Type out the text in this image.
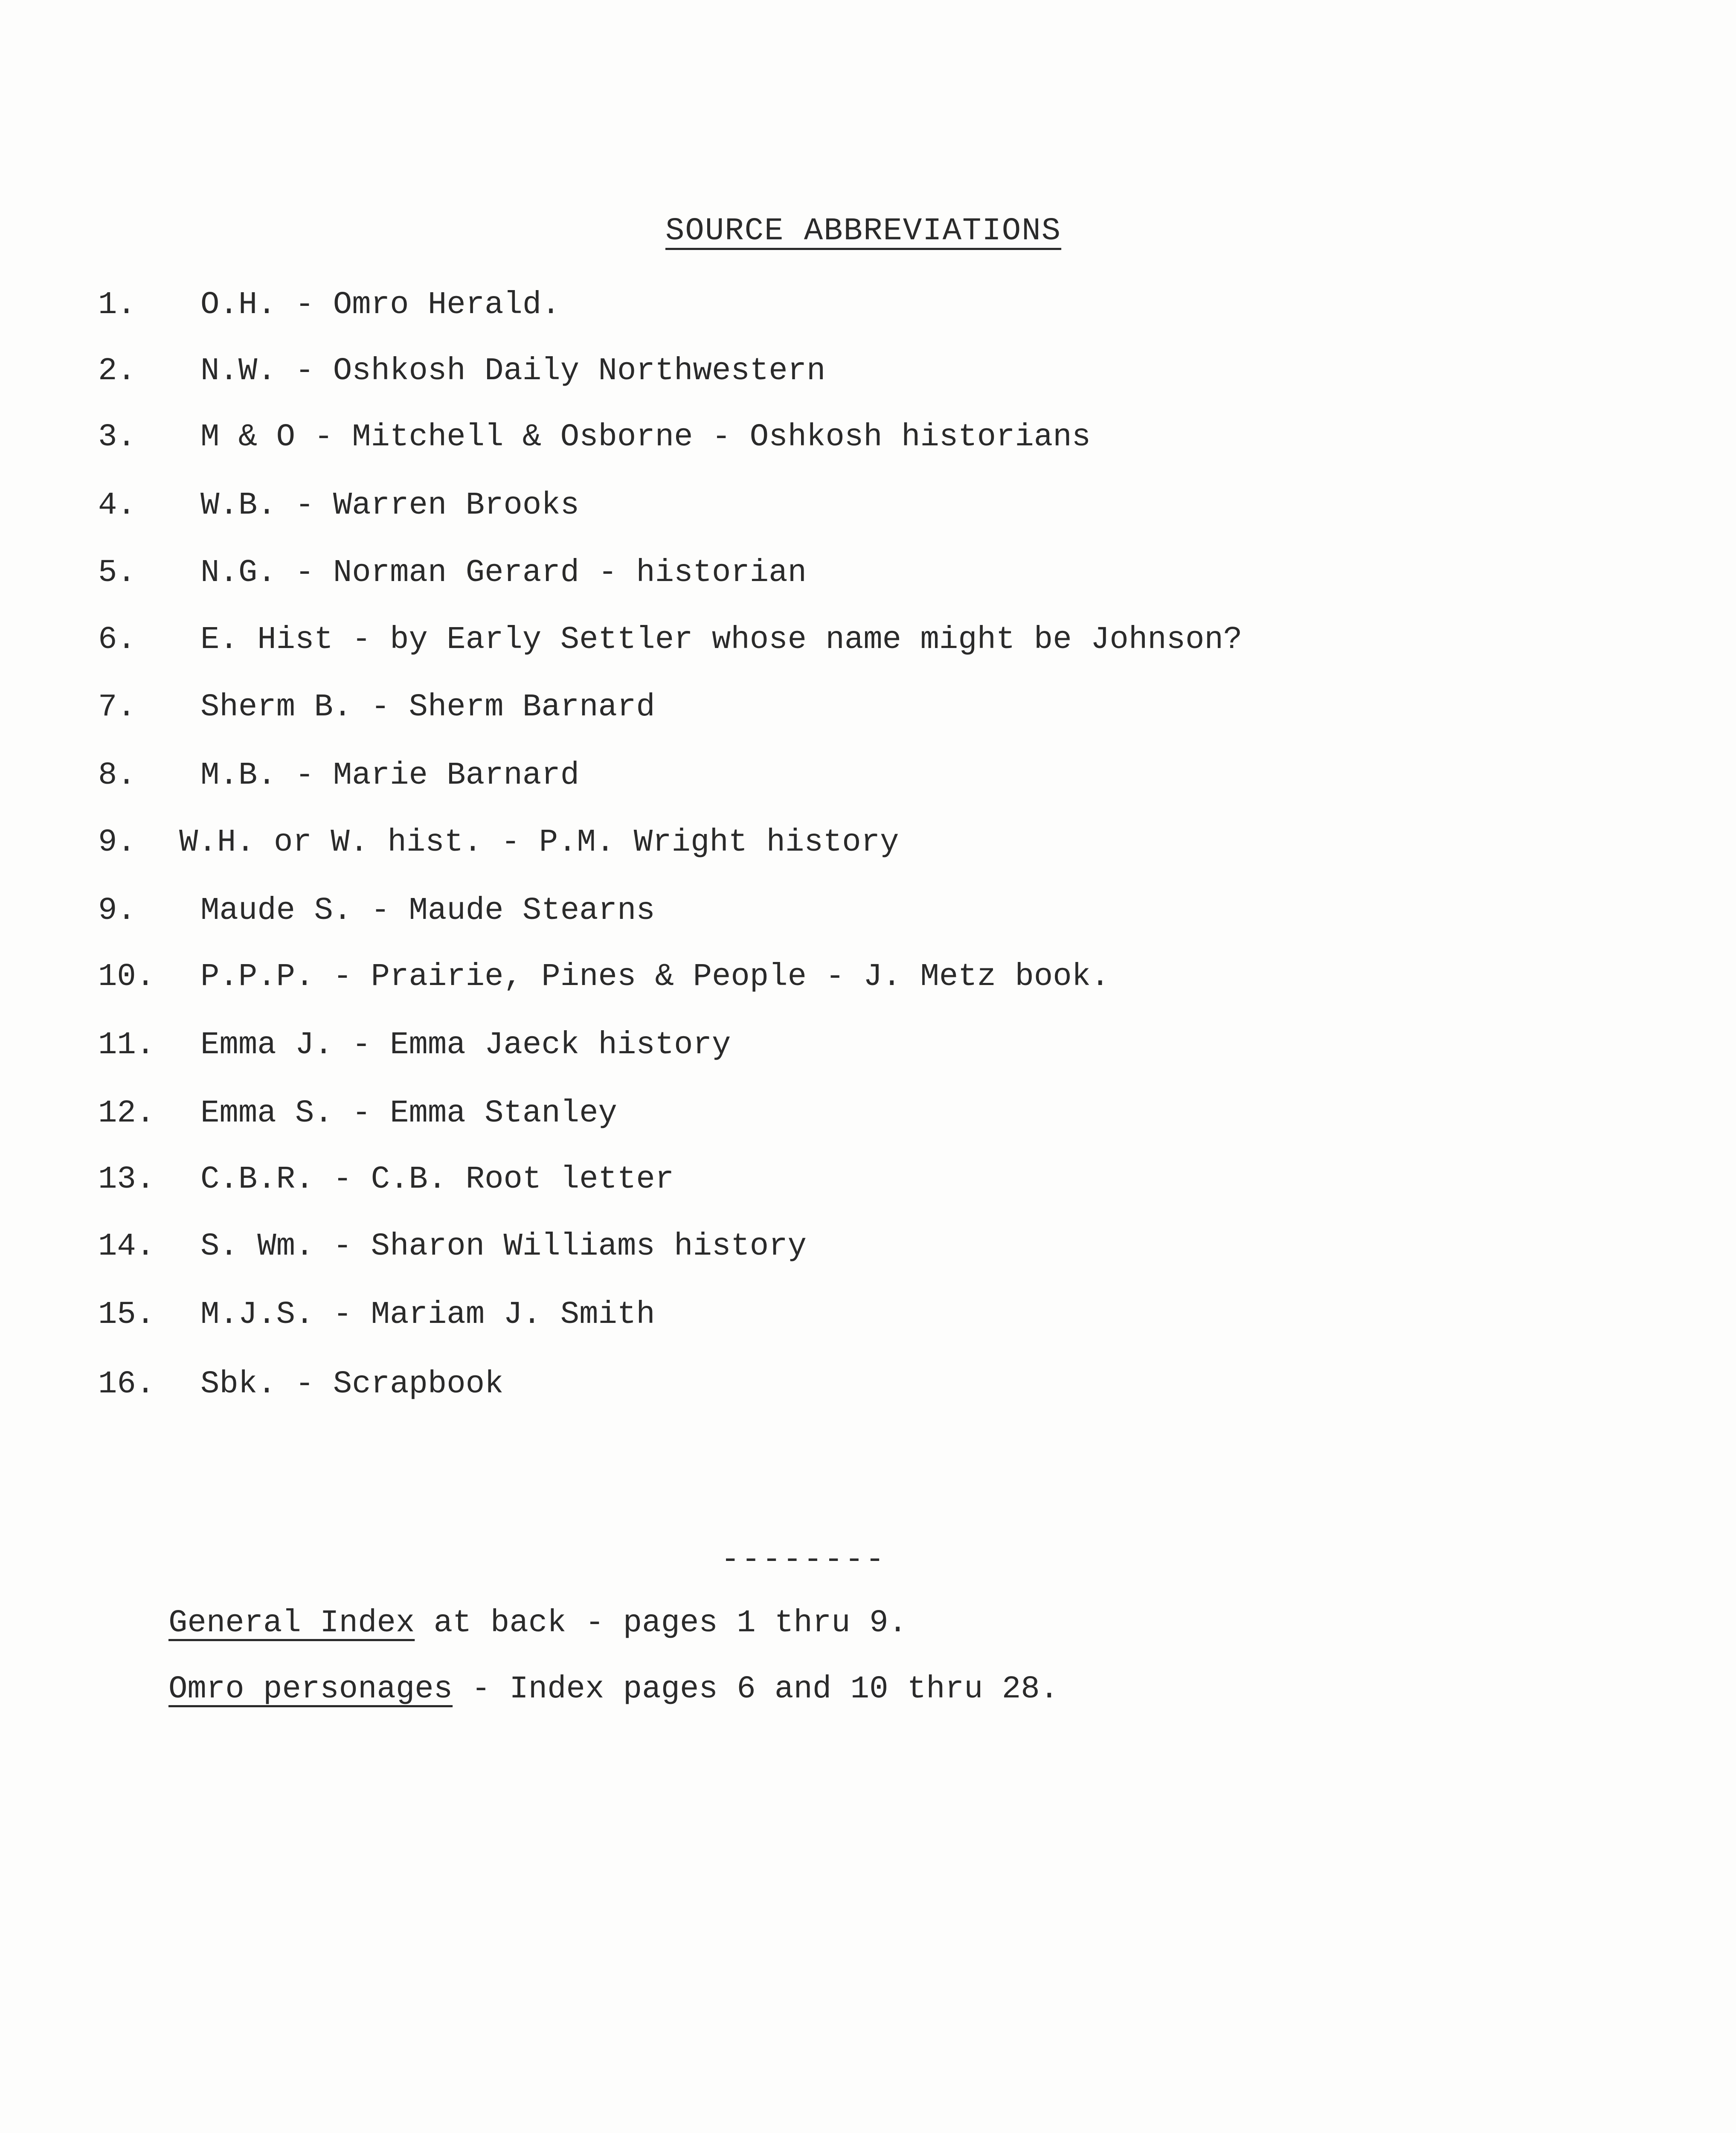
SOURCE ABBREVIATIONS
1. O.H. - Omro Herald.
2. N.W. - Oshkosh Daily Northwestern
3. M & O - Mitchell & Osborne - Oshkosh historians
4. W.B. - Warren Brooks
5. N.G. - Norman Gerard - historian
6. E. Hist - by Early Settler whose name might be Johnson?
7. Sherm B. - Sherm Barnard
8. M.B. - Marie Barnard
9. W.H. or W. hist. - P.M. Wright history
9. Maude S. - Maude Stearns
10. P.P.P. - Prairie, Pines & People - J. Metz book.
11. Emma J. - Emma Jaeck history
12. Emma S. - Emma Stanley
13. C.B.R. - C.B. Root letter
14. S. Wm. - Sharon Williams history
15. M.J.S. - Mariam J. Smith
16. Sbk. - Scrapbook
--------
General Index at back - pages 1 thru 9.
Omro personages - Index pages 6 and 10 thru 28.
